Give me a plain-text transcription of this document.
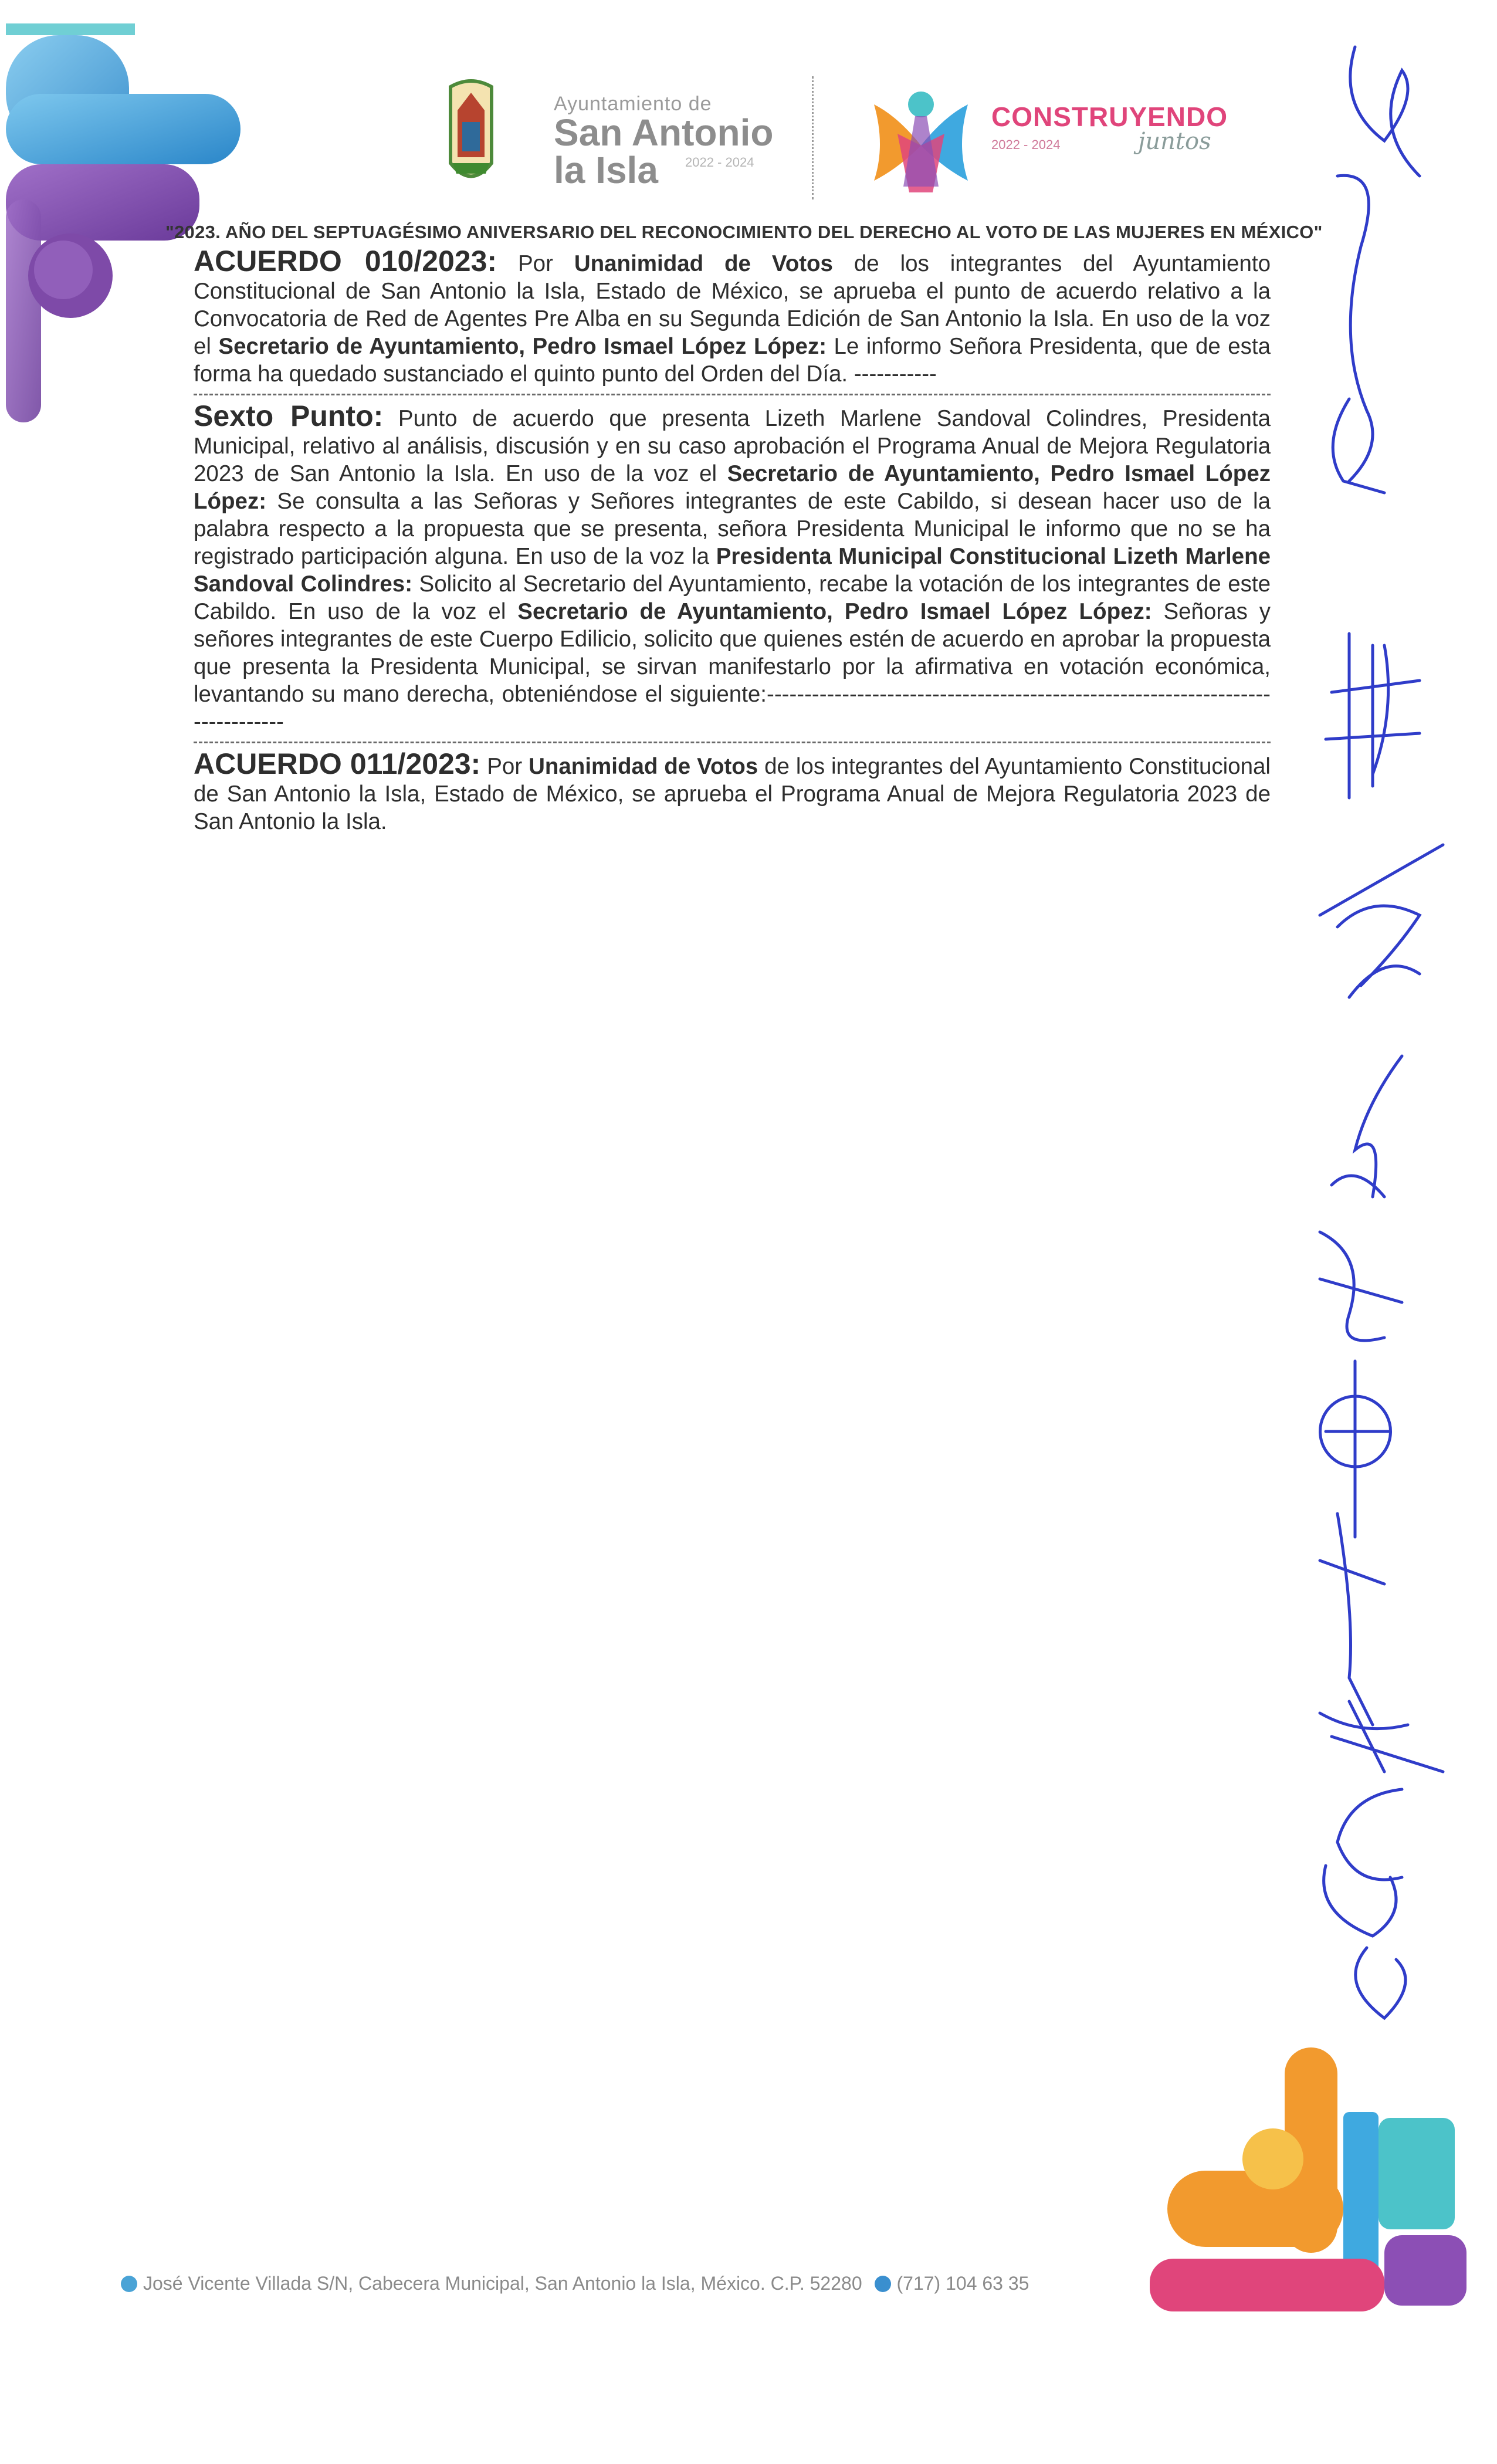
Ayuntamiento de
San Antonio
la Isla	2022 - 2024
CONSTRUYENDO
2022 - 2024	juntos
"2023. AÑO DEL SEPTUAGÉSIMO ANIVERSARIO DEL RECONOCIMIENTO DEL DERECHO AL VOTO DE LAS MUJERES EN MÉXICO"

ACUERDO 010/2023: Por Unanimidad de Votos de los integrantes del Ayuntamiento Constitucional de San Antonio la Isla, Estado de México, se aprueba el punto de acuerdo relativo a la Convocatoria de Red de Agentes Pre Alba en su Segunda Edición de San Antonio la Isla. En uso de la voz el Secretario de Ayuntamiento, Pedro Ismael López López: Le informo Señora Presidenta, que de esta forma ha quedado sustanciado el quinto punto del Orden del Día. -----------

Sexto Punto: Punto de acuerdo que presenta Lizeth Marlene Sandoval Colindres, Presidenta Municipal, relativo al análisis, discusión y en su caso aprobación el Programa Anual de Mejora Regulatoria 2023 de San Antonio la Isla. En uso de la voz el Secretario de Ayuntamiento, Pedro Ismael López López: Se consulta a las Señoras y Señores integrantes de este Cabildo, si desean hacer uso de la palabra respecto a la propuesta que se presenta, señora Presidenta Municipal le informo que no se ha registrado participación alguna. En uso de la voz la Presidenta Municipal Constitucional Lizeth Marlene Sandoval Colindres: Solicito al Secretario del Ayuntamiento, recabe la votación de los integrantes de este Cabildo. En uso de la voz el Secretario de Ayuntamiento, Pedro Ismael López López: Señoras y señores integrantes de este Cuerpo Edilicio, solicito que quienes estén de acuerdo en aprobar la propuesta que presenta la Presidenta Municipal, se sirvan manifestarlo por la afirmativa en votación económica, levantando su mano derecha, obteniéndose el siguiente:-------------------------------------------------------------------------------

ACUERDO 011/2023: Por Unanimidad de Votos de los integrantes del Ayuntamiento Constitucional de San Antonio la Isla, Estado de México, se aprueba el Programa Anual de Mejora Regulatoria 2023 de San Antonio la Isla.

José Vicente Villada S/N, Cabecera Municipal, San Antonio la Isla, México. C.P. 52280 (717) 104 63 35
